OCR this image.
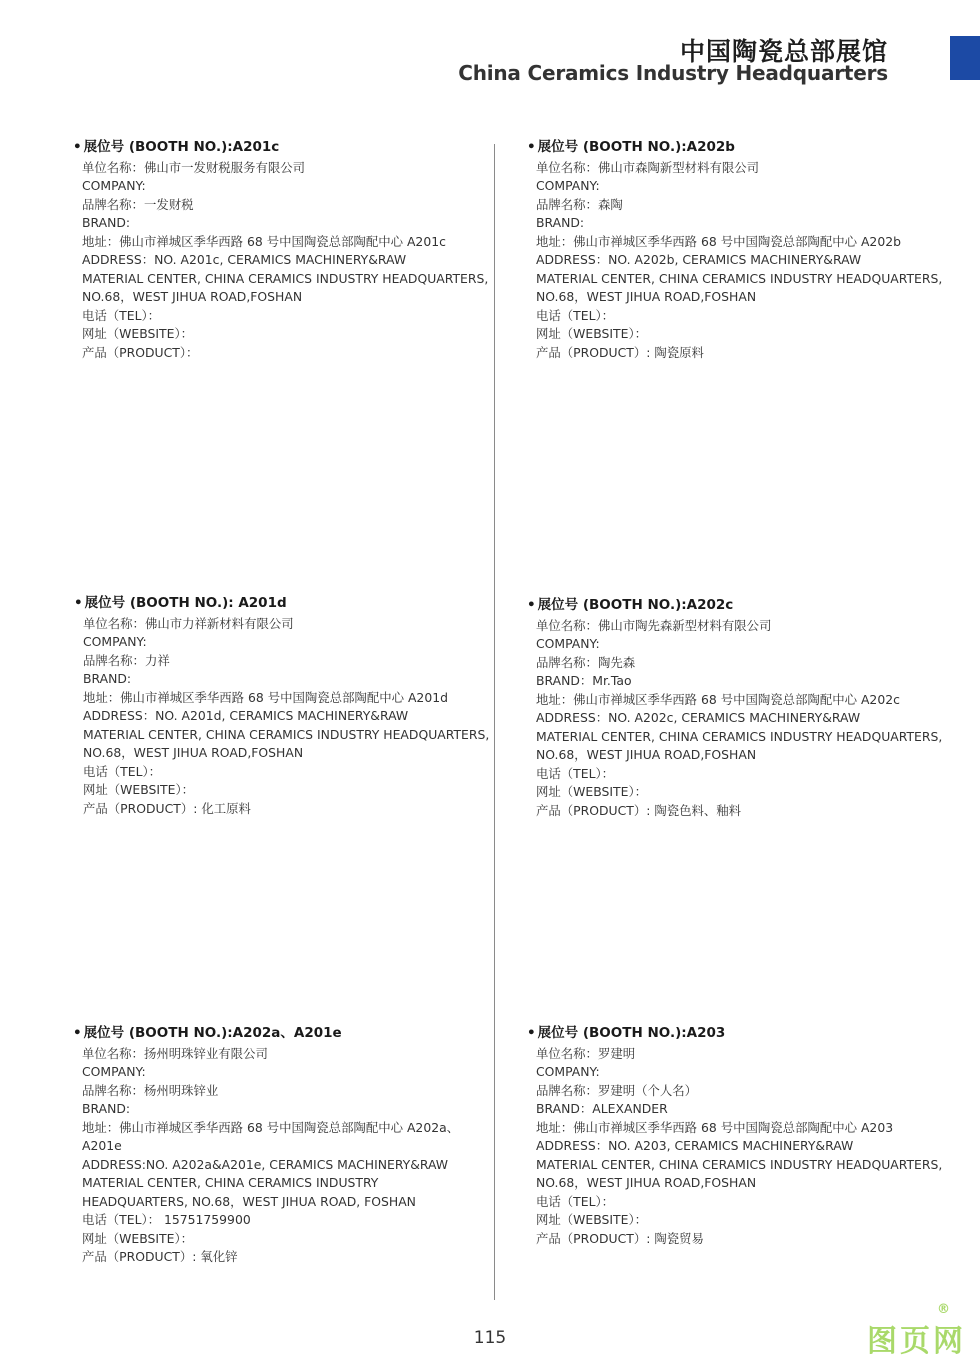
中国陶瓷总部展馆
China Ceramics Industry Headquarters
• 展位号 (BOOTH NO.):A201c
单位名称：佛山市一发财税服务有限公司
COMPANY:
品牌名称：一发财税
BRAND:
地址：佛山市禅城区季华西路 68 号中国陶瓷总部陶配中心 A201c
ADDRESS：NO. A201c, CERAMICS MACHINERY&RAW
MATERIAL CENTER, CHINA CERAMICS INDUSTRY HEADQUARTERS,
NO.68，WEST JIHUA ROAD,FOSHAN
电话（TEL）：
网址（WEBSITE）：
产品（PRODUCT）：
• 展位号 (BOOTH NO.):A202b
单位名称：佛山市森陶新型材料有限公司
COMPANY:
品牌名称：森陶
BRAND:
地址：佛山市禅城区季华西路 68 号中国陶瓷总部陶配中心 A202b
ADDRESS：NO. A202b, CERAMICS MACHINERY&RAW
MATERIAL CENTER, CHINA CERAMICS INDUSTRY HEADQUARTERS,
NO.68，WEST JIHUA ROAD,FOSHAN
电话（TEL）：
网址（WEBSITE）：
产品（PRODUCT）: 陶瓷原料
• 展位号 (BOOTH NO.): A201d
单位名称：佛山市力祥新材料有限公司
COMPANY:
品牌名称：力祥
BRAND:
地址：佛山市禅城区季华西路 68 号中国陶瓷总部陶配中心 A201d
ADDRESS：NO. A201d, CERAMICS MACHINERY&RAW
MATERIAL CENTER, CHINA CERAMICS INDUSTRY HEADQUARTERS,
NO.68，WEST JIHUA ROAD,FOSHAN
电话（TEL）：
网址（WEBSITE）：
产品（PRODUCT）: 化工原料
• 展位号 (BOOTH NO.):A202c
单位名称：佛山市陶先森新型材料有限公司
COMPANY:
品牌名称：陶先森
BRAND：Mr.Tao
地址：佛山市禅城区季华西路 68 号中国陶瓷总部陶配中心 A202c
ADDRESS：NO. A202c, CERAMICS MACHINERY&RAW
MATERIAL CENTER, CHINA CERAMICS INDUSTRY HEADQUARTERS,
NO.68，WEST JIHUA ROAD,FOSHAN
电话（TEL）：
网址（WEBSITE）：
产品（PRODUCT）: 陶瓷色料、釉料
• 展位号 (BOOTH NO.):A202a、A201e
单位名称：扬州明珠锌业有限公司
COMPANY:
品牌名称：杨州明珠锌业
BRAND:
地址：佛山市禅城区季华西路 68 号中国陶瓷总部陶配中心 A202a、
A201e
ADDRESS:NO. A202a&A201e, CERAMICS MACHINERY&RAW
MATERIAL CENTER, CHINA CERAMICS INDUSTRY
HEADQUARTERS, NO.68，WEST JIHUA ROAD, FOSHAN
电话（TEL）： 15751759900
网址（WEBSITE）：
产品（PRODUCT）: 氧化锌
• 展位号 (BOOTH NO.):A203
单位名称：罗建明
COMPANY:
品牌名称：罗建明（个人名）
BRAND：ALEXANDER
地址：佛山市禅城区季华西路 68 号中国陶瓷总部陶配中心 A203
ADDRESS：NO. A203, CERAMICS MACHINERY&RAW
MATERIAL CENTER, CHINA CERAMICS INDUSTRY HEADQUARTERS,
NO.68，WEST JIHUA ROAD,FOSHAN
电话（TEL）：
网址（WEBSITE）：
产品（PRODUCT）: 陶瓷贸易
115	图页网
®
